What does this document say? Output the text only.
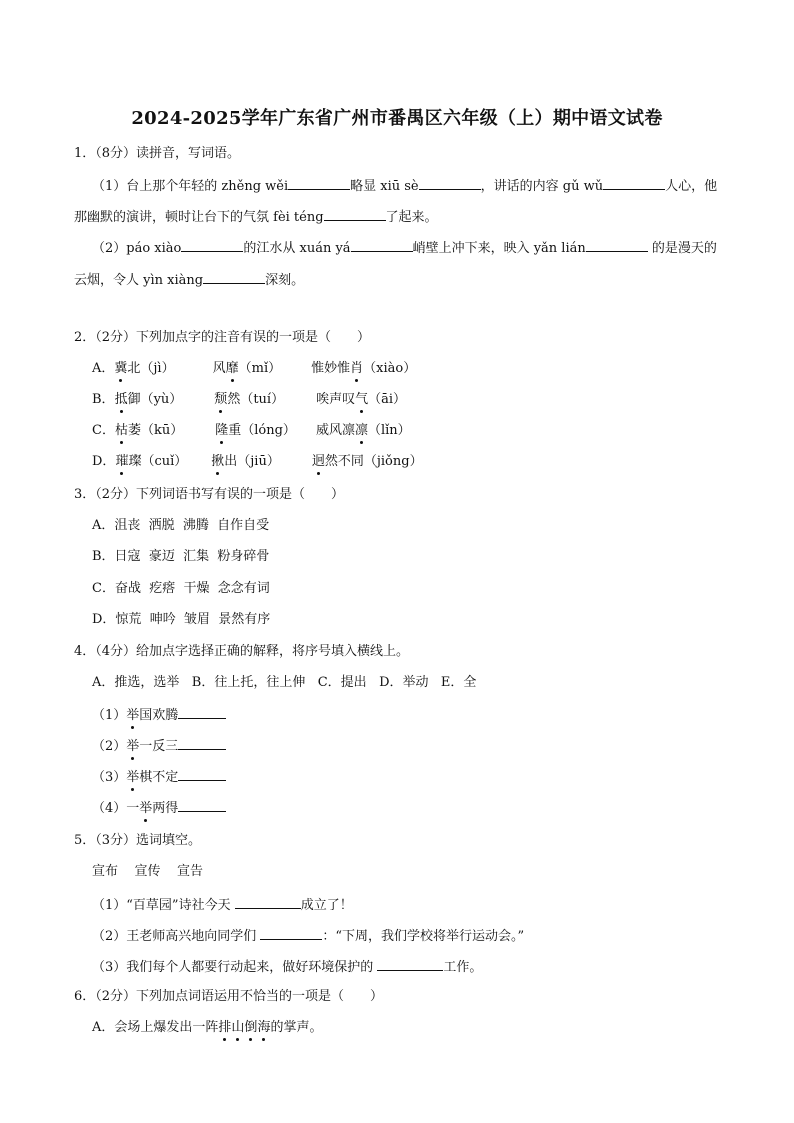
2024-2025学年广东省广州市番禺区六年级（上）期中语文试卷
1．（8分）读拼音，写词语。
（1）台上那个年轻的 zhěng wěi	略显 xiū sè	，讲话的内容 gǔ wǔ	人心，他
那幽默的演讲，顿时让台下的气氛 fèi téng	了起来。
（2）páo xiào	的江水从 xuán yá	峭壁上冲下来，映入 yǎn lián	的是漫天的
云烟，令人 yìn xiàng	深刻。
2．（2分）下列加点字的注音有误的一项是（　　）
A．冀北（jì）	风靡（mǐ） 惟妙惟肖（xiào）
B．抵御（yù） 颓然（tuí） 唉声叹气（āi）
C．枯萎（kū） 隆重（lóng） 威风凛凛（lǐn）
D．璀璨（cuǐ） 揪出（jiū） 迥然不同（jiǒng）
3．（2分）下列词语书写有误的一项是（　　）
A．沮丧  洒脱  沸腾  自作自受
B．日寇  豪迈  汇集  粉身碎骨
C．奋战  疙瘩  干燥  念念有词
D．惊荒  呻吟  皱眉  景然有序
4．（4分）给加点字选择正确的解释，将序号填入横线上。
A．推选，选举   B．往上托，往上伸   C．提出   D．举动   E．全
（1）举国欢腾
（2）举一反三
（3）举棋不定
（4）一举两得
5．（3分）选词填空。
宣布    宣传    宣告
（1）“百草园”诗社今天	成立了！
（2）王老师高兴地向同学们	：“下周，我们学校将举行运动会。”
（3）我们每个人都要行动起来，做好环境保护的	工作。
6．（2分）下列加点词语运用不恰当的一项是（　　）
A．会场上爆发出一阵排山倒海的掌声。
